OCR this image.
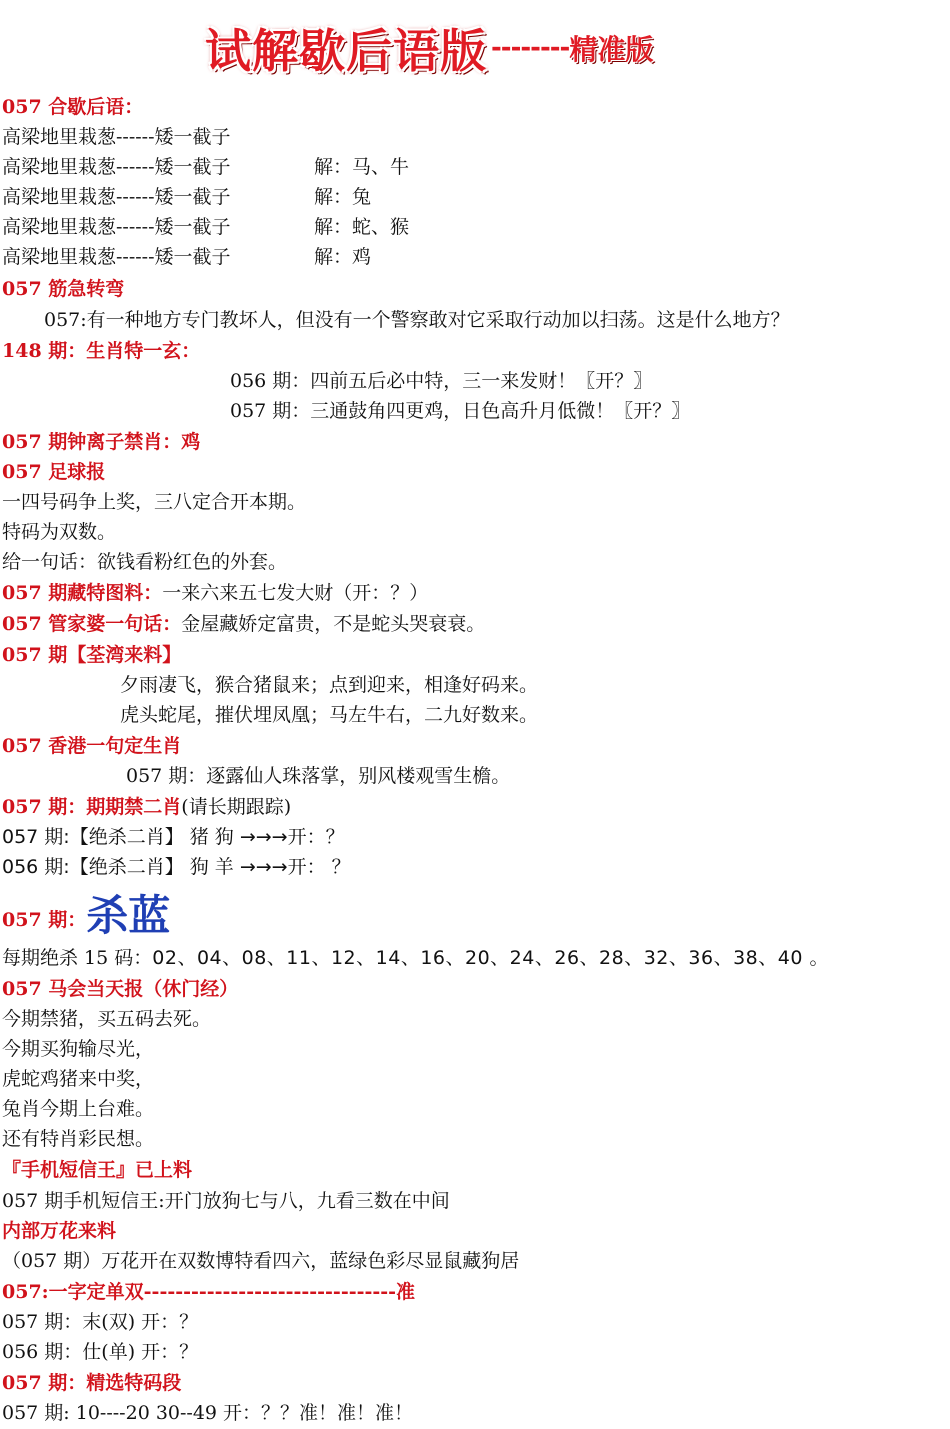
试解歇后语版 -------- 精准版
057 合歇后语：
高梁地里栽葱------矮一截子
高梁地里栽葱------矮一截子	解：马、牛
高梁地里栽葱------矮一截子	解：兔
高梁地里栽葱------矮一截子	解：蛇、猴
高梁地里栽葱------矮一截子	解：鸡
057 筋急转弯
057:有一种地方专门教坏人，但没有一个警察敢对它采取行动加以扫荡。这是什么地方？
148 期：生肖特一玄：
056 期：四前五后必中特，三一来发财！〖开？〗
057 期：三通鼓角四更鸡，日色高升月低微！〖开？〗
057 期钟离子禁肖：鸡
057 足球报
一四号码争上奖，三八定合开本期。
特码为双数。
给一句话：欲钱看粉红色的外套。
057 期藏特图料：一来六来五七发大财（开：？）
057 管家婆一句话：金屋藏娇定富贵，不是蛇头哭衰衰。
057 期【荃湾来料】
夕雨凄飞，猴合猪鼠来；点到迎来，相逢好码来。
虎头蛇尾，摧伏埋凤凰；马左牛右，二九好数来。
057 香港一句定生肖
057 期：逐露仙人珠落掌，别风楼观雪生檐。
057 期：期期禁二肖(请长期跟踪)
057 期:【绝杀二肖】 猪 狗 →→→开：？
056 期:【绝杀二肖】 狗 羊 →→→开： ？
057 期：杀蓝
每期绝杀 15 码：02、04、08、11、12、14、16、20、24、26、28、32、36、38、40 。
057 马会当天报（休门经）
今期禁猪，买五码去死。
今期买狗输尽光，
虎蛇鸡猪来中奖，
兔肖今期上台难。
还有特肖彩民想。
『手机短信王』已上料
057 期手机短信王:开门放狗七与八，九看三数在中间
内部万花来料
（057 期）万花开在双数博特看四六，蓝绿色彩尽显鼠藏狗居
057:一字定单双--------------------------------准
057 期：末(双) 开：？
056 期：仕(单) 开：？
057 期：精选特码段
057 期: 10----20 30--49 开：？？准！准！准！
